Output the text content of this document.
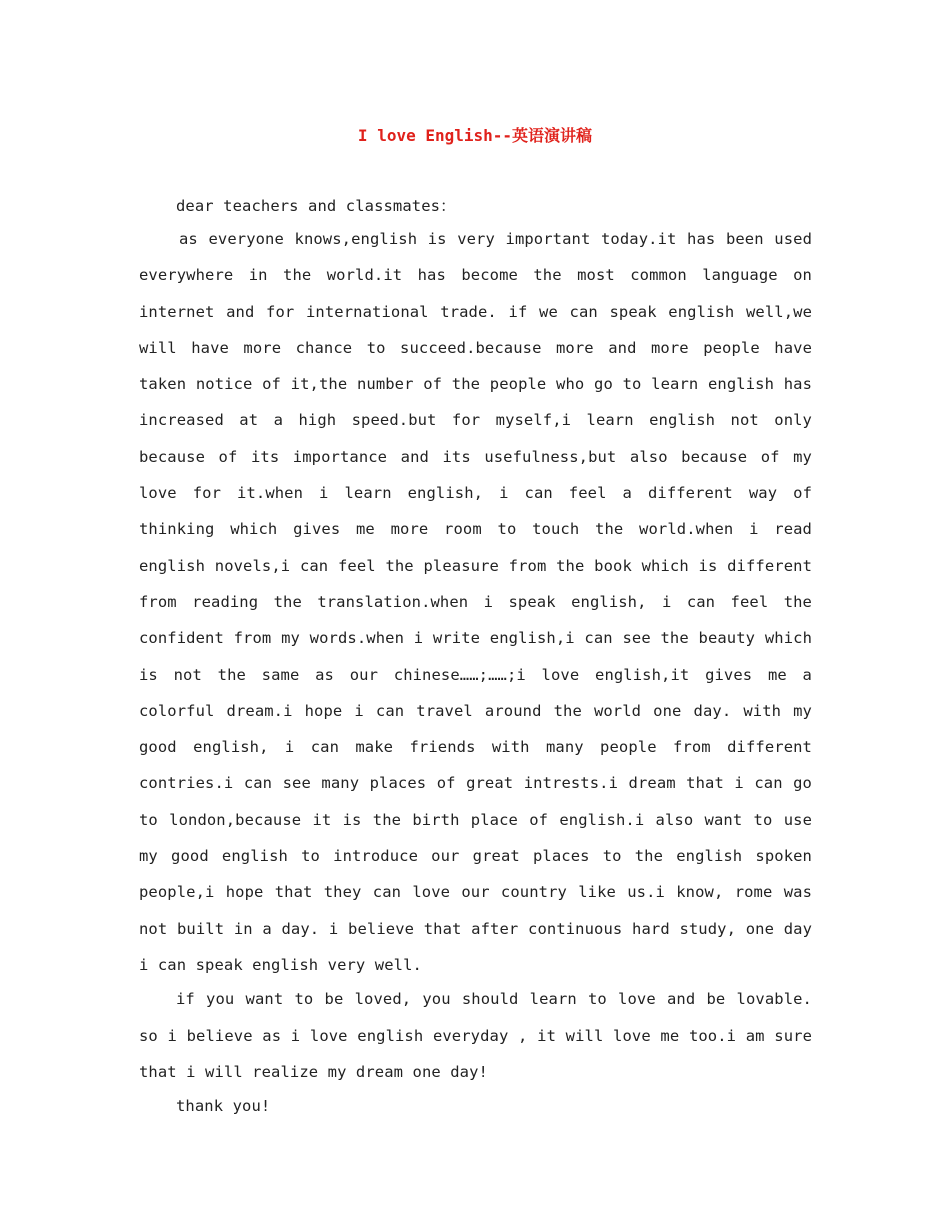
I love English--英语演讲稿

dear teachers and classmates：

as everyone knows,english is very important today.it has been used everywhere in the world.it has become the most common language on internet and for international trade. if we can speak english well,we will have more chance to succeed.because more and more people have taken notice of it,the number of the people who go to learn english has increased at a high speed.but for myself,i learn english not only because of its importance and its usefulness,but also because of my love for it.when i learn english, i can feel a different way of thinking which gives me more room to touch the world.when i read english novels,i can feel the pleasure from the book which is different from reading the translation.when i speak english, i can feel the confident from my words.when i write english,i can see the beauty which is not the same as our chinese……;……;i love english,it gives me a colorful dream.i hope i can travel around the world one day. with my good english, i can make friends with many people from different contries.i can see many places of great intrests.i dream that i can go to london,because it is the birth place of english.i also want to use my good english to introduce our great places to the english spoken people,i hope that they can love our country like us.i know, rome was not built in a day. i believe that after continuous hard study, one day i can speak english very well.

if you want to be loved, you should learn to love and be lovable. so i believe as i love english everyday , it will love me too.i am sure that i will realize my dream one day!

thank you!
